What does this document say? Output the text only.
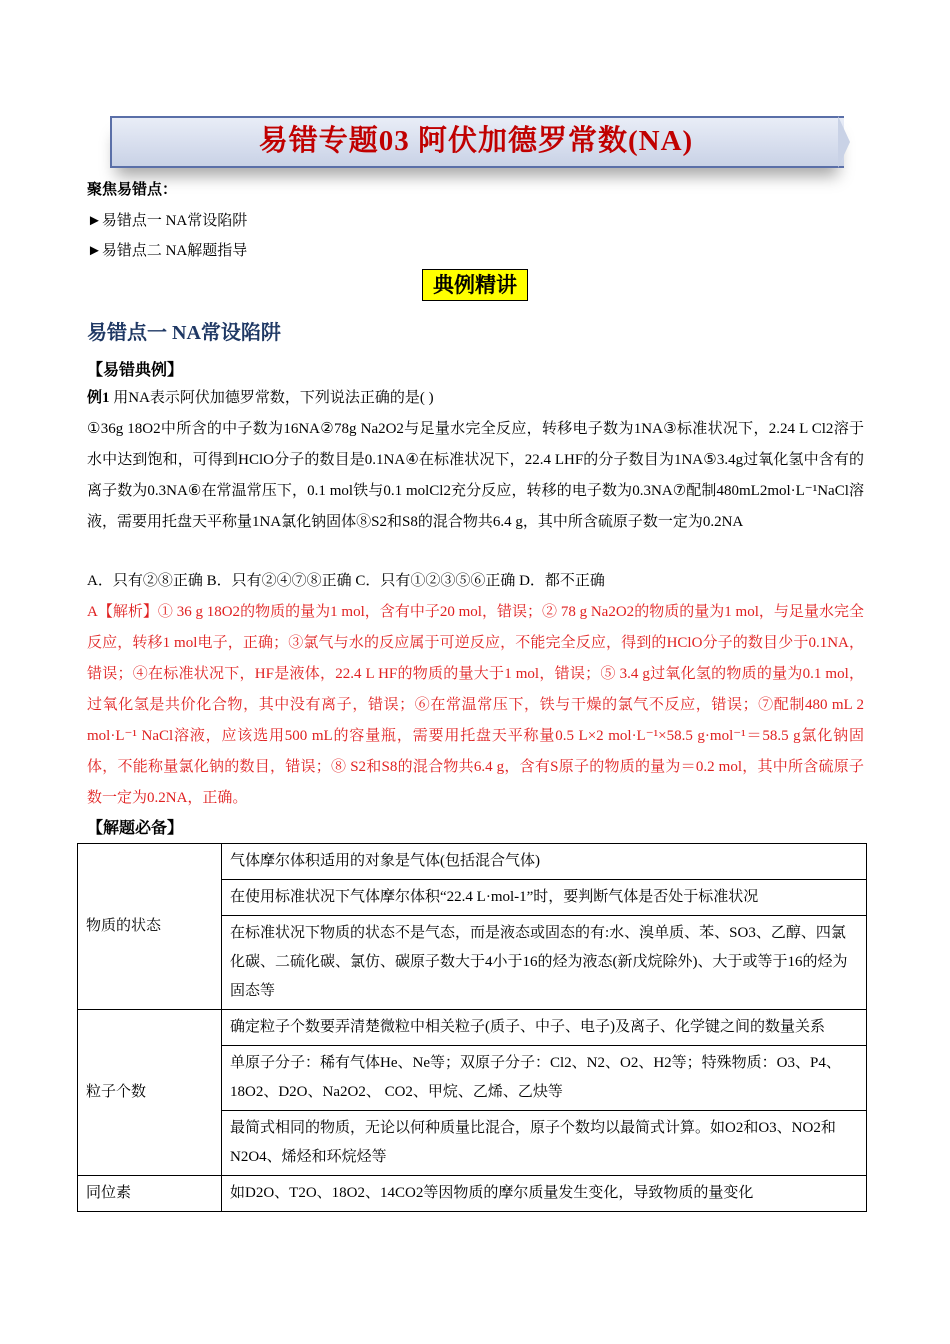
易错专题03 阿伏加德罗常数(NA)
聚焦易错点：
►易错点一 NA常设陷阱
►易错点二 NA解题指导
典例精讲
易错点一 NA常设陷阱
【易错典例】
例1 用NA表示阿伏加德罗常数，下列说法正确的是( )
①36g 18O2中所含的中子数为16NA②78g Na2O2与足量水完全反应，转移电子数为1NA③标准状况下，2.24 L Cl2溶于水中达到饱和，可得到HClO分子的数目是0.1NA④在标准状况下，22.4 LHF的分子数目为1NA⑤3.4g过氧化氢中含有的离子数为0.3NA⑥在常温常压下，0.1 mol铁与0.1 molCl2充分反应，转移的电子数为0.3NA⑦配制480mL2mol·L⁻¹NaCl溶液，需要用托盘天平称量1NA氯化钠固体⑧S2和S8的混合物共6.4 g，其中所含硫原子数一定为0.2NA
A．只有②⑧正确 B．只有②④⑦⑧正确 C．只有①②③⑤⑥正确 D．都不正确
A【解析】① 36 g 18O2的物质的量为1 mol，含有中子20 mol，错误；② 78 g Na2O2的物质的量为1 mol，与足量水完全反应，转移1 mol电子，正确；③氯气与水的反应属于可逆反应，不能完全反应，得到的HClO分子的数目少于0.1NA，错误；④在标准状况下，HF是液体，22.4 L HF的物质的量大于1 mol，错误；⑤ 3.4 g过氧化氢的物质的量为0.1 mol，过氧化氢是共价化合物，其中没有离子，错误；⑥在常温常压下，铁与干燥的氯气不反应，错误；⑦配制480 mL 2 mol·L⁻¹ NaCl溶液，应该选用500 mL的容量瓶，需要用托盘天平称量0.5 L×2 mol·L⁻¹×58.5 g·mol⁻¹＝58.5 g氯化钠固体，不能称量氯化钠的数目，错误；⑧ S2和S8的混合物共6.4 g，含有S原子的物质的量为＝0.2 mol，其中所含硫原子数一定为0.2NA，正确。
【解题必备】
物质的状态	气体摩尔体积适用的对象是气体(包括混合气体)
	在使用标准状况下气体摩尔体积“22.4 L·mol-1”时，要判断气体是否处于标准状况
	在标准状况下物质的状态不是气态，而是液态或固态的有:水、溴单质、苯、SO3、乙醇、四氯化碳、二硫化碳、氯仿、碳原子数大于4小于16的烃为液态(新戊烷除外)、大于或等于16的烃为固态等
粒子个数	确定粒子个数要弄清楚微粒中相关粒子(质子、中子、电子)及离子、化学键之间的数量关系
	单原子分子：稀有气体He、Ne等；双原子分子：Cl2、N2、O2、H2等；特殊物质：O3、P4、18O2、D2O、Na2O2、 CO2、甲烷、乙烯、乙炔等
	最简式相同的物质，无论以何种质量比混合，原子个数均以最简式计算。如O2和O3、NO2和N2O4、烯烃和环烷烃等
同位素	如D2O、T2O、18O2、14CO2等因物质的摩尔质量发生变化，导致物质的量变化
